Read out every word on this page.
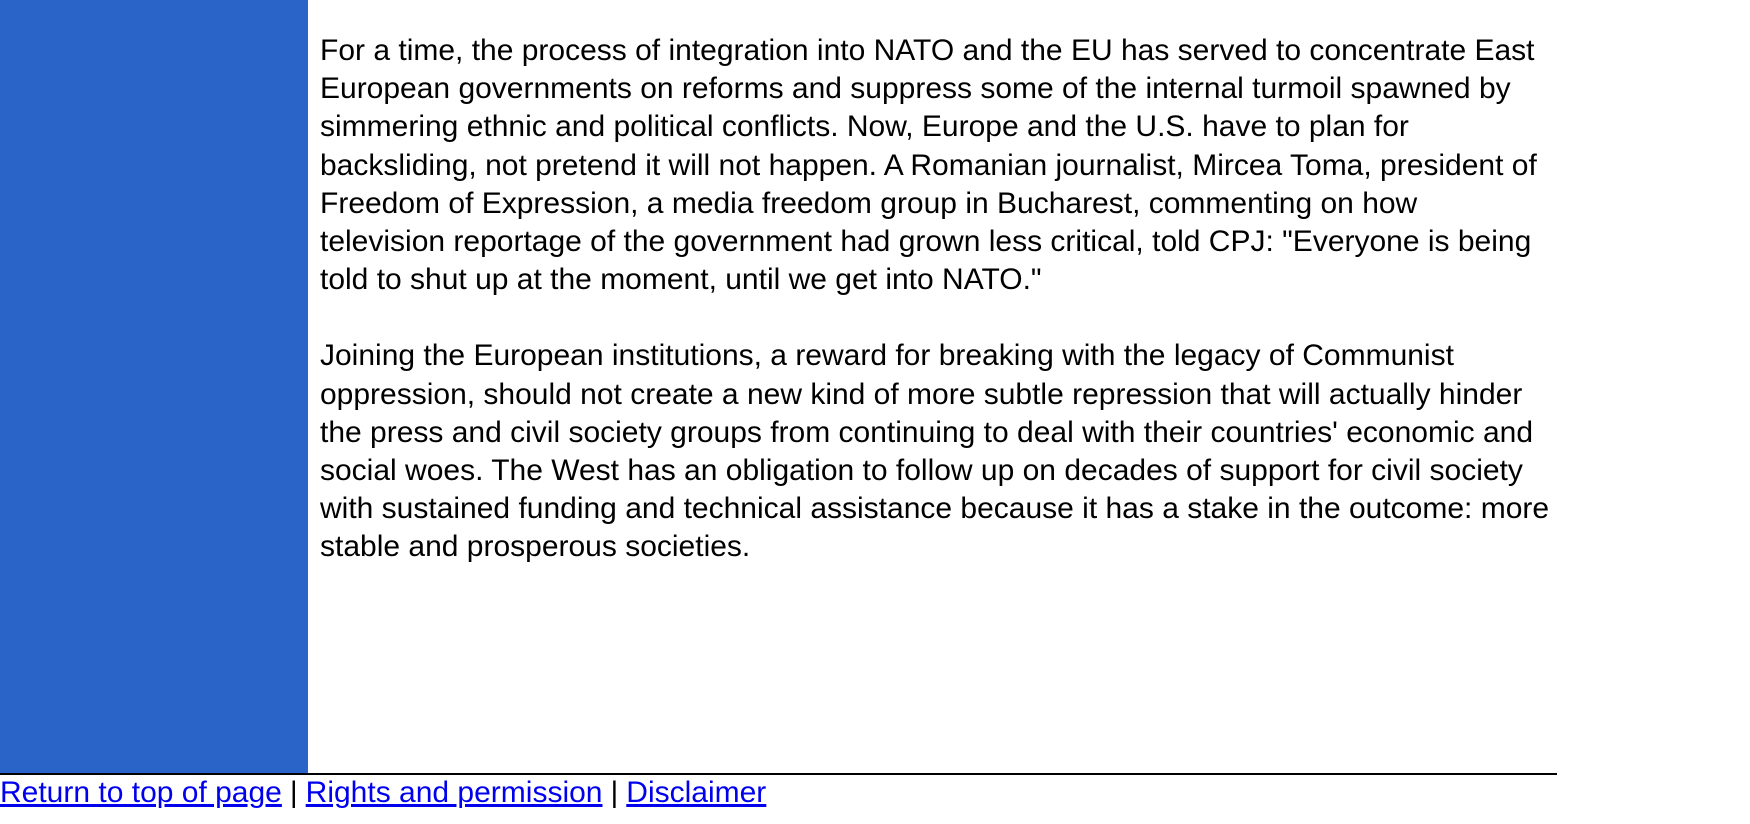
For a time, the process of integration into NATO and the EU has served to concentrate East European governments on reforms and suppress some of the internal turmoil spawned by simmering ethnic and political conflicts. Now, Europe and the U.S. have to plan for backsliding, not pretend it will not happen. A Romanian journalist, Mircea Toma, president of Freedom of Expression, a media freedom group in Bucharest, commenting on how television reportage of the government had grown less critical, told CPJ: "Everyone is being told to shut up at the moment, until we get into NATO."

Joining the European institutions, a reward for breaking with the legacy of Communist oppression, should not create a new kind of more subtle repression that will actually hinder the press and civil society groups from continuing to deal with their countries' economic and social woes. The West has an obligation to follow up on decades of support for civil society with sustained funding and technical assistance because it has a stake in the outcome: more stable and prosperous societies.

Return to top of page | Rights and permission | Disclaimer
